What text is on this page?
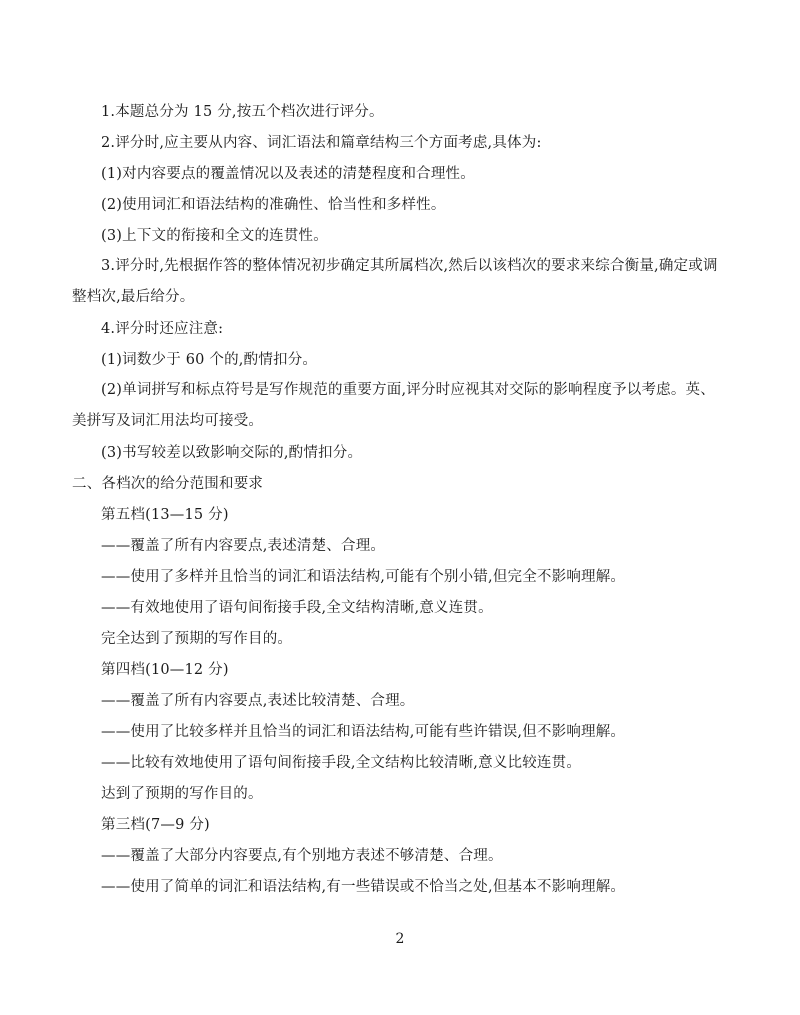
1.本题总分为 15 分,按五个档次进行评分。
2.评分时,应主要从内容、词汇语法和篇章结构三个方面考虑,具体为:
(1)对内容要点的覆盖情况以及表述的清楚程度和合理性。
(2)使用词汇和语法结构的准确性、恰当性和多样性。
(3)上下文的衔接和全文的连贯性。
3.评分时,先根据作答的整体情况初步确定其所属档次,然后以该档次的要求来综合衡量,确定或调整档次,最后给分。
4.评分时还应注意:
(1)词数少于 60 个的,酌情扣分。
(2)单词拼写和标点符号是写作规范的重要方面,评分时应视其对交际的影响程度予以考虑。英、美拼写及词汇用法均可接受。
(3)书写较差以致影响交际的,酌情扣分。
二、各档次的给分范围和要求
第五档(13—15 分)
——覆盖了所有内容要点,表述清楚、合理。
——使用了多样并且恰当的词汇和语法结构,可能有个别小错,但完全不影响理解。
——有效地使用了语句间衔接手段,全文结构清晰,意义连贯。
完全达到了预期的写作目的。
第四档(10—12 分)
——覆盖了所有内容要点,表述比较清楚、合理。
——使用了比较多样并且恰当的词汇和语法结构,可能有些许错误,但不影响理解。
——比较有效地使用了语句间衔接手段,全文结构比较清晰,意义比较连贯。
达到了预期的写作目的。
第三档(7—9 分)
——覆盖了大部分内容要点,有个别地方表述不够清楚、合理。
——使用了简单的词汇和语法结构,有一些错误或不恰当之处,但基本不影响理解。
2
